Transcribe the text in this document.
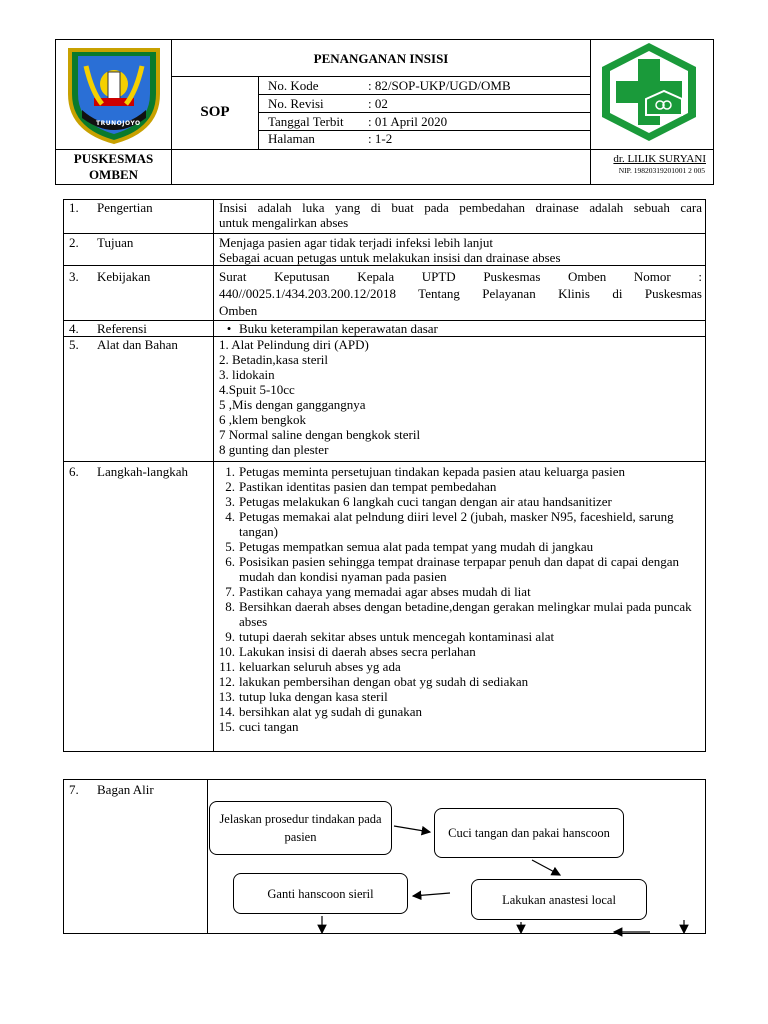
TRUNOJOYO
PUSKESMAS
OMBEN
PENANGANAN INSISI
SOP
No. Kode	: 82/SOP-UKP/UGD/OMB
No. Revisi	: 02
Tanggal Terbit : 01 April 2020
Halaman	: 1-2
dr. LILIK SURYANI
NIP. 19820319201001 2 005
1. Pengertian	Insisi adalah luka yang di buat pada pembedahan drainase adalah sebuah cara
untuk mengalirkan abses
2. Tujuan	Menjaga pasien agar tidak terjadi infeksi lebih lanjut
Sebagai acuan petugas untuk melakukan insisi dan drainase abses
3. Kebijakan	Surat Keputusan Kepala UPTD Puskesmas Omben Nomor :
440//0025.1/434.203.200.12/2018 Tentang Pelayanan Klinis di Puskesmas
Omben
4. Referensi	• Buku keterampilan keperawatan dasar
5. Alat dan Bahan	1. Alat Pelindung diri (APD)
2. Betadin,kasa steril
3. lidokain
4.Spuit 5-10cc
5 ,Mis dengan ganggangnya
6 ,klem bengkok
7 Normal saline dengan bengkok steril
8 gunting dan plester
6. Langkah-langkah	1. Petugas meminta persetujuan tindakan kepada pasien atau keluarga pasien
2. Pastikan identitas pasien dan tempat pembedahan
3. Petugas melakukan 6 langkah cuci tangan dengan air atau handsanitizer
4. Petugas memakai alat pelndung diiri level 2 (jubah, masker N95, faceshield, sarung tangan)
5. Petugas mempatkan semua alat pada tempat yang mudah di jangkau
6. Posisikan pasien sehingga tempat drainase terpapar penuh dan dapat di capai dengan mudah dan kondisi nyaman pada pasien
7. Pastikan cahaya yang memadai agar abses mudah di liat
8. Bersihkan daerah abses dengan betadine,dengan gerakan melingkar mulai pada puncak abses
9. tutupi daerah sekitar abses untuk mencegah kontaminasi alat
10. Lakukan insisi di daerah abses secra perlahan
11. keluarkan seluruh abses yg ada
12. lakukan pembersihan dengan obat yg sudah di sediakan
13. tutup luka dengan kasa steril
14. bersihkan alat yg sudah di gunakan
15. cuci tangan
7. Bagan Alir
Jelaskan prosedur tindakan pada pasien	Cuci tangan dan pakai hanscoon
Ganti hanscoon sieril	Lakukan anastesi local
